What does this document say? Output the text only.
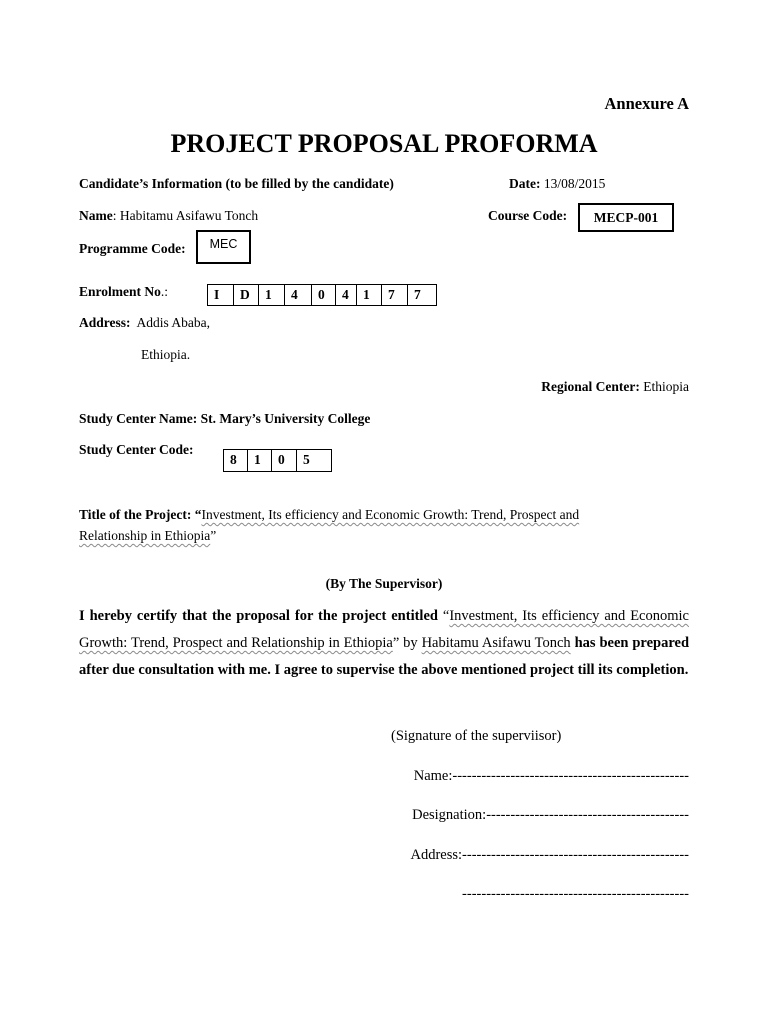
Annexure A
PROJECT PROPOSAL PROFORMA
Candidate’s Information (to be filled by the candidate)	Date: 13/08/2015
Name: Habitamu Asifawu Tonch	Course Code: MECP-001
Programme Code: MEC
Enrolment No.:	I	D	1	4	0	4	1	7	7
Address: Addis Ababa,
Ethiopia.
Regional Center: Ethiopia
Study Center Name: St. Mary’s University College
Study Center Code:
8	1	0	5
Title of the Project: “Investment, Its efficiency and Economic Growth: Trend, Prospect and
Relationship in Ethiopia”
(By The Supervisor)
I hereby certify that the proposal for the project entitled “Investment, Its efficiency and Economic Growth: Trend, Prospect and Relationship in Ethiopia” by Habitamu Asifawu Tonch has been prepared after due consultation with me. I agree to supervise the above mentioned project till its completion.
(Signature of the superviisor)
Name:-------------------------------------------------
Designation:------------------------------------------
Address:-----------------------------------------------
-----------------------------------------------
